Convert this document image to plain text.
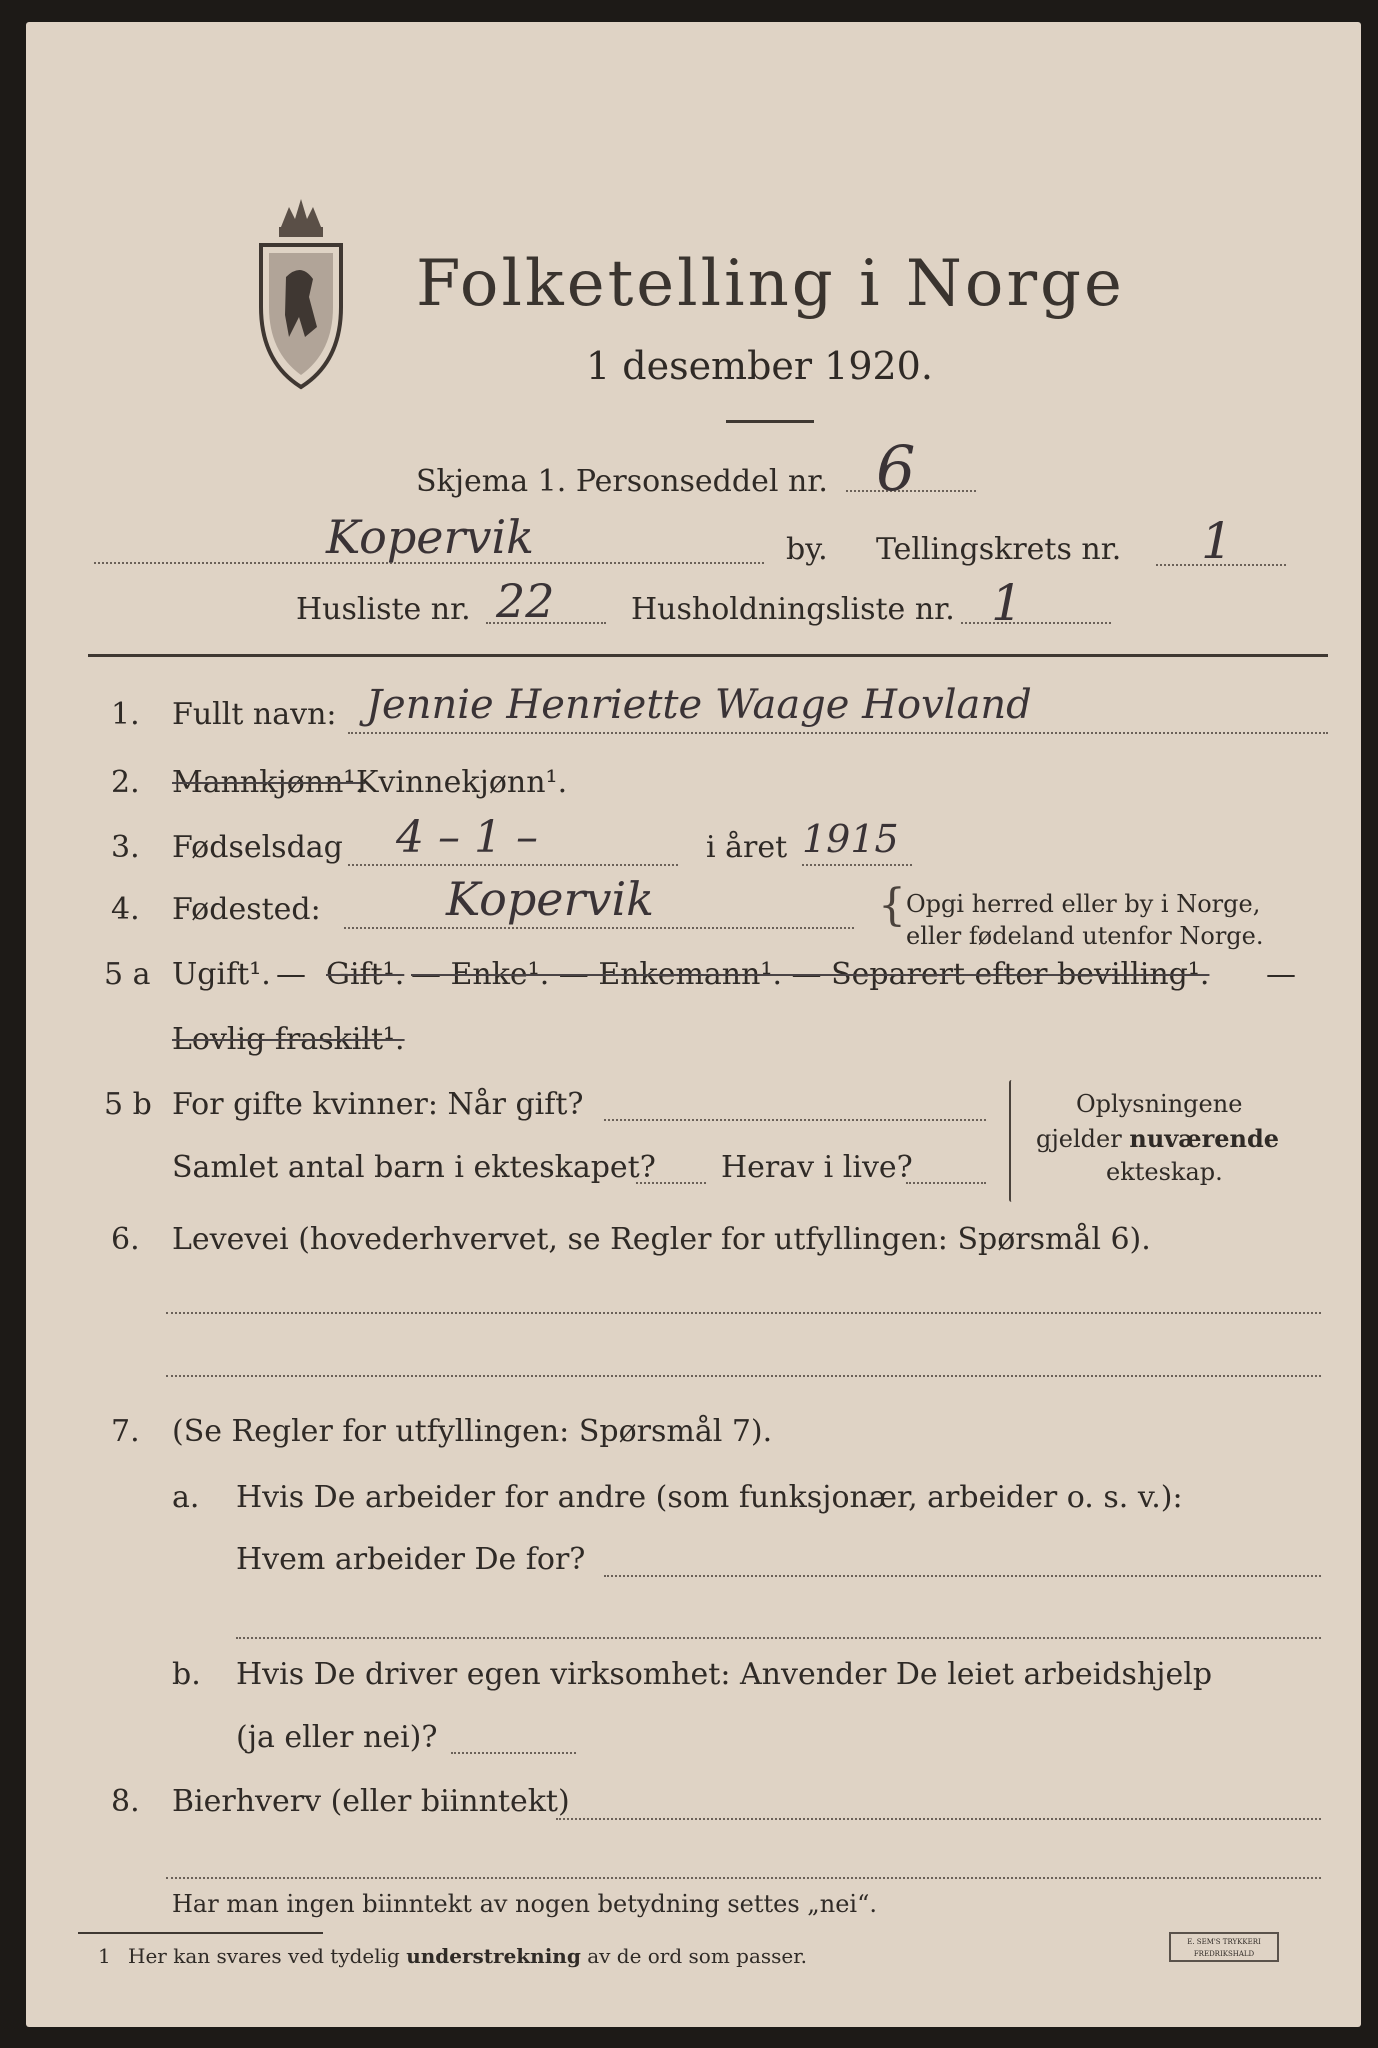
Folketelling i Norge
1 desember 1920.
Skjema 1. Personseddel nr. 6
Kopervik	by. Tellingskrets nr. 1
Husliste nr. 22	Husholdningsliste nr. 1
1. Fullt navn: Jennie Henriette Waage Hovland
2. Mannkjønn¹.
Kvinnekjønn¹.
3. Fødselsdag 4 – 1 –	i året 1915
4. Fødested:	Kopervik	{ Opgi herred eller by i Norge,
eller fødeland utenfor Norge.
5 a Ugift¹. — Gift¹. — Enke¹. — Enkemann¹. — Separert efter bevilling¹. —
Lovlig fraskilt¹.
5 b For gifte kvinner: Når gift?
Samlet antal barn i ekteskapet? Herav i live?
Oplysningene
gjelder nuværende
ekteskap.
6. Levevei (hovederhvervet, se Regler for utfyllingen: Spørsmål 6).
7. (Se Regler for utfyllingen: Spørsmål 7).
a. Hvis De arbeider for andre (som funksjonær, arbeider o. s. v.):
Hvem arbeider De for?
b. Hvis De driver egen virksomhet: Anvender De leiet arbeidshjelp
(ja eller nei)?
8. Bierhverv (eller biinntekt)
Har man ingen biinntekt av nogen betydning settes „nei“.
1 Her kan svares ved tydelig understrekning av de ord som passer.
E. SEM'S TRYKKERI
FREDRIKSHALD
